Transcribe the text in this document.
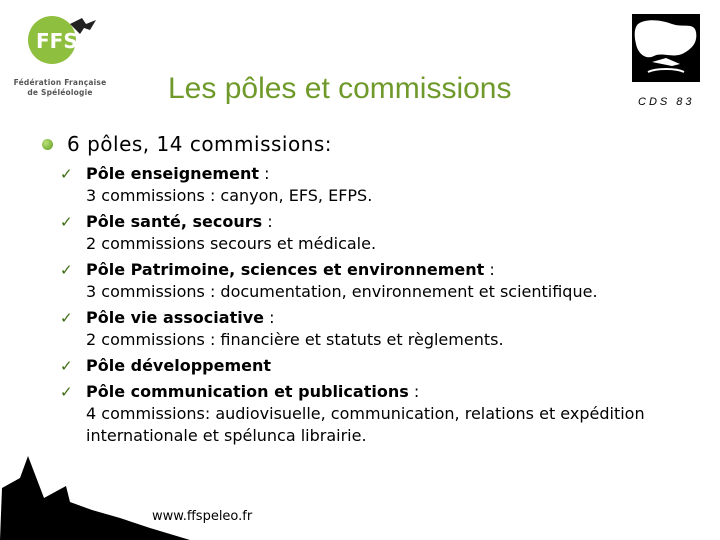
FFS
Fédération Française
de Spéléologie	Les pôles et commissions	CDS 83
6 pôles, 14 commissions:
✓ Pôle enseignement :
3 commissions : canyon, EFS, EFPS.
✓ Pôle santé, secours :
2 commissions secours et médicale.
✓ Pôle Patrimoine, sciences et environnement :
3 commissions : documentation, environnement et scientifique.
✓ Pôle vie associative :
2 commissions : financière et statuts et règlements.
✓ Pôle développement
✓ Pôle communication et publications :
4 commissions: audiovisuelle, communication, relations et expédition internationale et spélunca librairie.
www.ffspeleo.fr
